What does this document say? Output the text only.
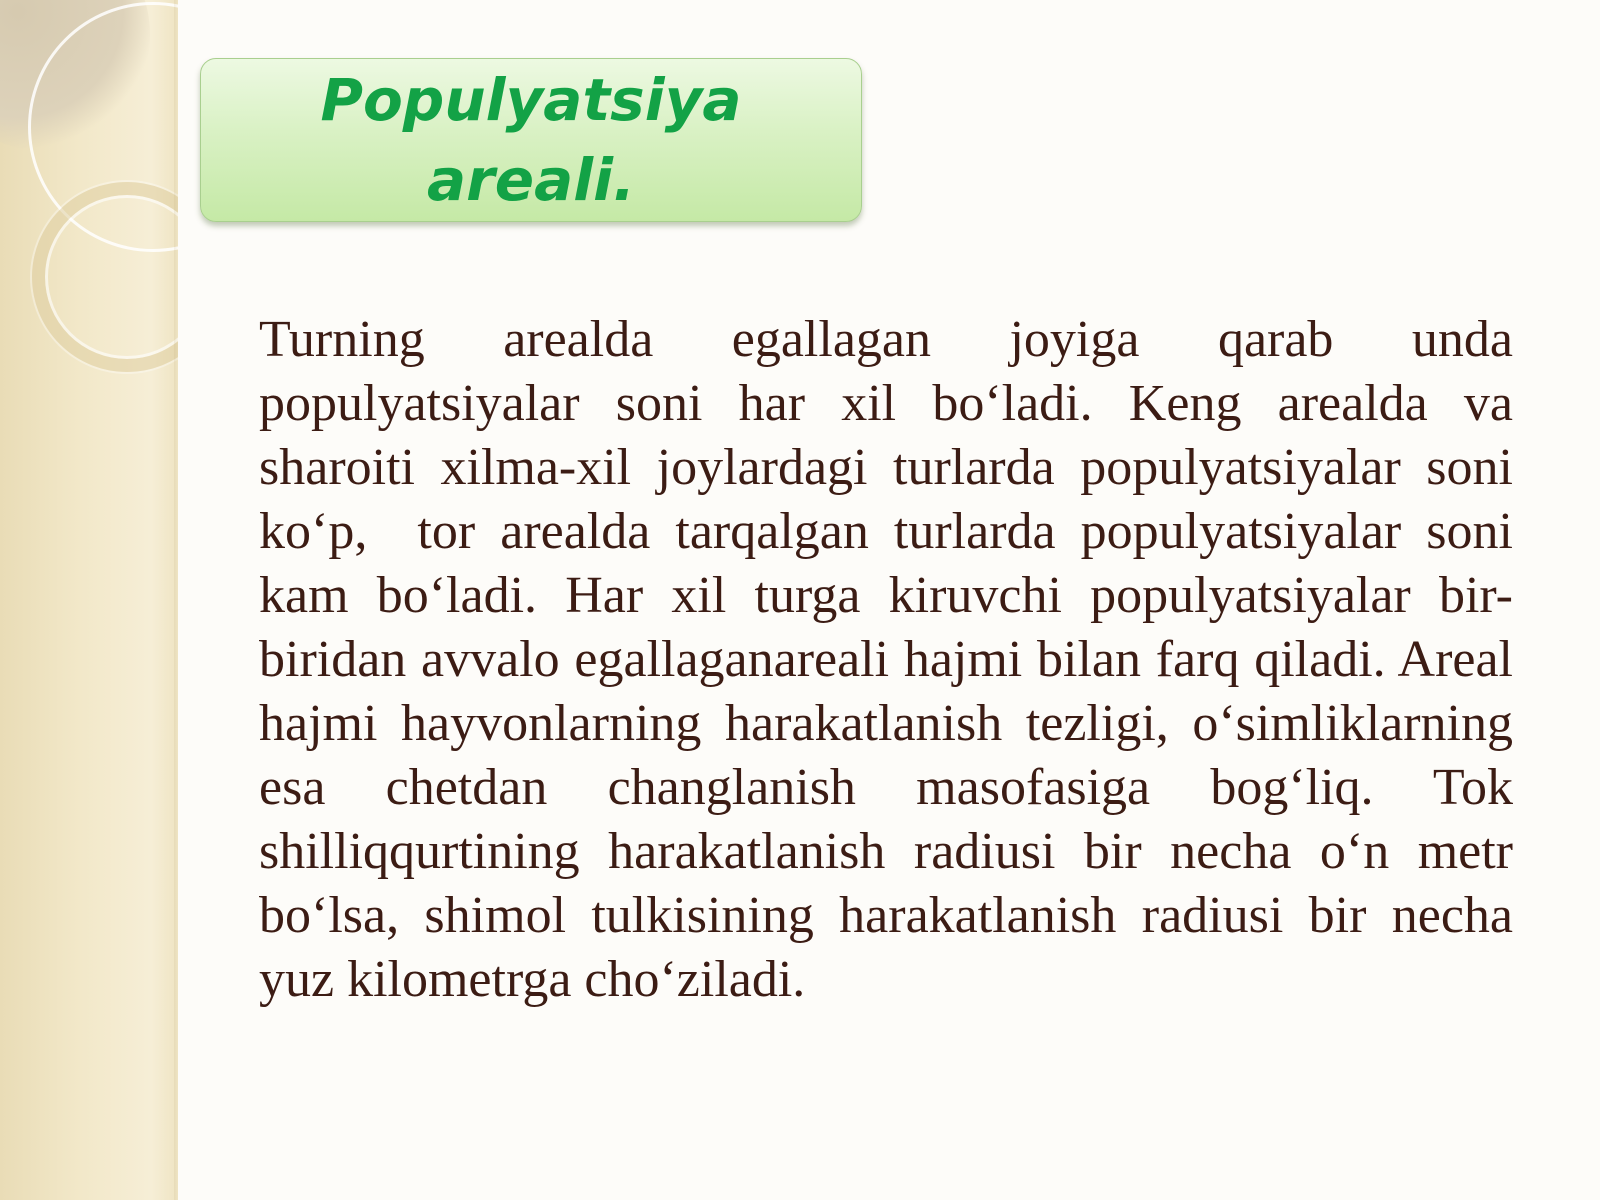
Populyatsiya areali.

Turning arealda egallagan joyiga qarab unda populyatsiyalar soni har xil bo‘ladi. Keng arealda va sharoiti xilma-xil joylardagi turlarda populyatsiyalar soni ko‘p,  tor arealda tarqalgan turlarda populyatsiyalar soni kam bo‘ladi. Har xil turga kiruvchi populyatsiyalar bir-biridan avvalo egallaganareali hajmi bilan farq qiladi. Areal hajmi hayvonlarning harakatlanish tezligi, o‘simliklarning esa chetdan changlanish masofasiga bog‘liq. Tok shilliqqurtining harakatlanish radiusi bir necha o‘n metr bo‘lsa, shimol tulkisining harakatlanish radiusi bir necha yuz kilometrga cho‘ziladi.
